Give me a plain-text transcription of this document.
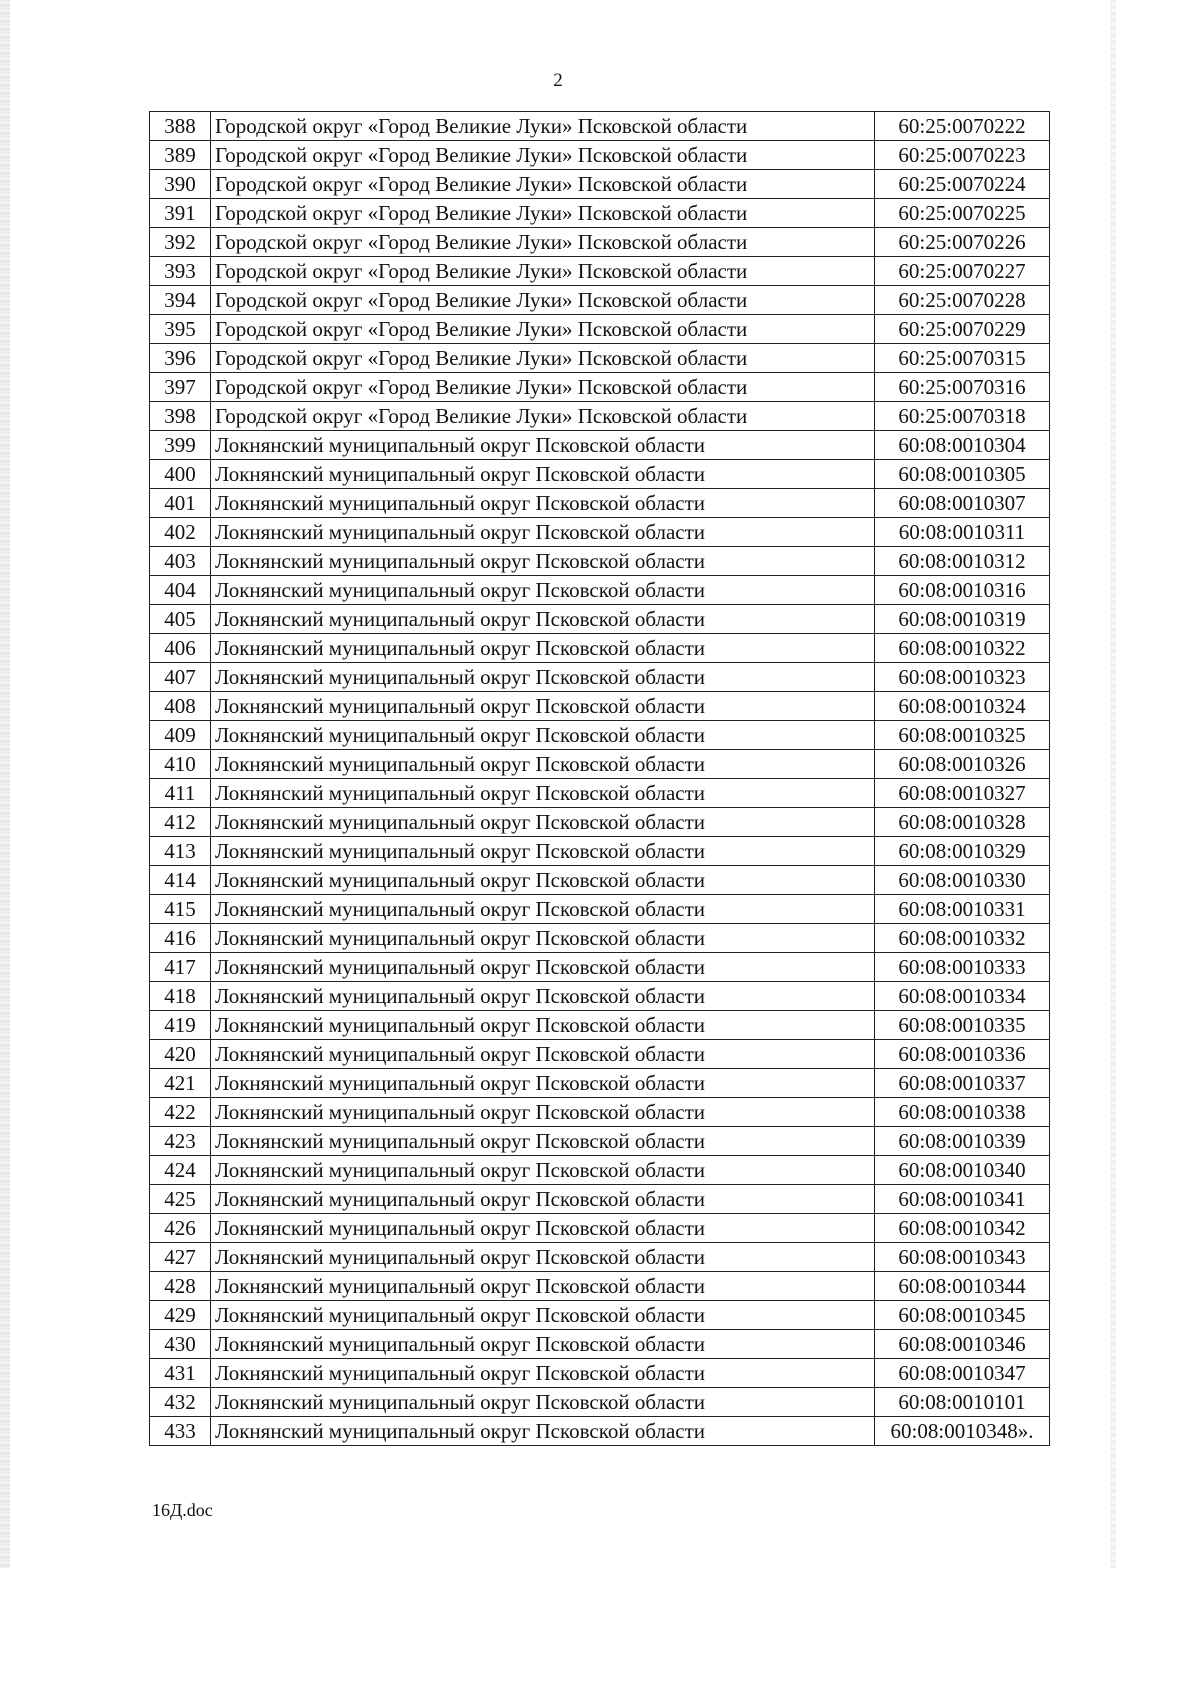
2
388	Городской округ «Город Великие Луки» Псковской области	60:25:0070222
389	Городской округ «Город Великие Луки» Псковской области	60:25:0070223
390	Городской округ «Город Великие Луки» Псковской области	60:25:0070224
391	Городской округ «Город Великие Луки» Псковской области	60:25:0070225
392	Городской округ «Город Великие Луки» Псковской области	60:25:0070226
393	Городской округ «Город Великие Луки» Псковской области	60:25:0070227
394	Городской округ «Город Великие Луки» Псковской области	60:25:0070228
395	Городской округ «Город Великие Луки» Псковской области	60:25:0070229
396	Городской округ «Город Великие Луки» Псковской области	60:25:0070315
397	Городской округ «Город Великие Луки» Псковской области	60:25:0070316
398	Городской округ «Город Великие Луки» Псковской области	60:25:0070318
399	Локнянский муниципальный округ Псковской области	60:08:0010304
400	Локнянский муниципальный округ Псковской области	60:08:0010305
401	Локнянский муниципальный округ Псковской области	60:08:0010307
402	Локнянский муниципальный округ Псковской области	60:08:0010311
403	Локнянский муниципальный округ Псковской области	60:08:0010312
404	Локнянский муниципальный округ Псковской области	60:08:0010316
405	Локнянский муниципальный округ Псковской области	60:08:0010319
406	Локнянский муниципальный округ Псковской области	60:08:0010322
407	Локнянский муниципальный округ Псковской области	60:08:0010323
408	Локнянский муниципальный округ Псковской области	60:08:0010324
409	Локнянский муниципальный округ Псковской области	60:08:0010325
410	Локнянский муниципальный округ Псковской области	60:08:0010326
411	Локнянский муниципальный округ Псковской области	60:08:0010327
412	Локнянский муниципальный округ Псковской области	60:08:0010328
413	Локнянский муниципальный округ Псковской области	60:08:0010329
414	Локнянский муниципальный округ Псковской области	60:08:0010330
415	Локнянский муниципальный округ Псковской области	60:08:0010331
416	Локнянский муниципальный округ Псковской области	60:08:0010332
417	Локнянский муниципальный округ Псковской области	60:08:0010333
418	Локнянский муниципальный округ Псковской области	60:08:0010334
419	Локнянский муниципальный округ Псковской области	60:08:0010335
420	Локнянский муниципальный округ Псковской области	60:08:0010336
421	Локнянский муниципальный округ Псковской области	60:08:0010337
422	Локнянский муниципальный округ Псковской области	60:08:0010338
423	Локнянский муниципальный округ Псковской области	60:08:0010339
424	Локнянский муниципальный округ Псковской области	60:08:0010340
425	Локнянский муниципальный округ Псковской области	60:08:0010341
426	Локнянский муниципальный округ Псковской области	60:08:0010342
427	Локнянский муниципальный округ Псковской области	60:08:0010343
428	Локнянский муниципальный округ Псковской области	60:08:0010344
429	Локнянский муниципальный округ Псковской области	60:08:0010345
430	Локнянский муниципальный округ Псковской области	60:08:0010346
431	Локнянский муниципальный округ Псковской области	60:08:0010347
432	Локнянский муниципальный округ Псковской области	60:08:0010101
433	Локнянский муниципальный округ Псковской области	60:08:0010348».
16Д.doc
